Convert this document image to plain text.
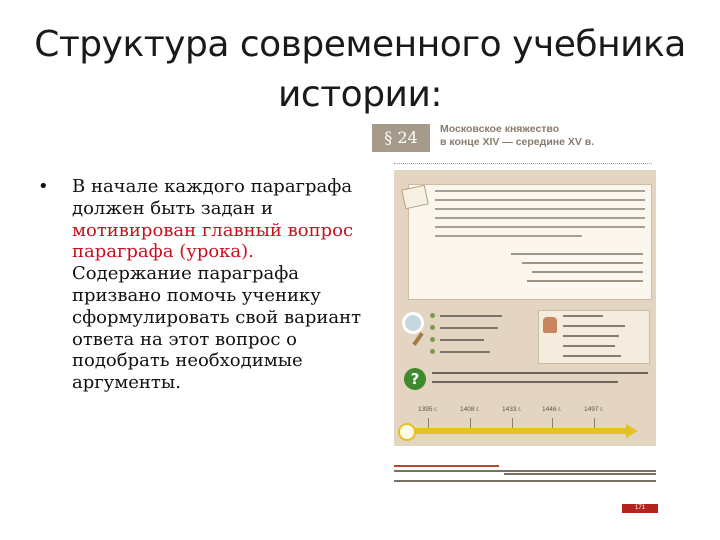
Структура современного учебника
истории:
• В начале каждого параграфа должен быть задан и мотивирован главный вопрос параграфа (урока). Содержание параграфа призвано помочь ученику сформулировать свой вариант ответа на этот вопрос о подобрать необходимые аргументы.
§ 24	Московское княжество
в конце XIV — середине XV в.
?
1395 г.	1408 г.	1433 г.	1446 г.	1497 г.
171
